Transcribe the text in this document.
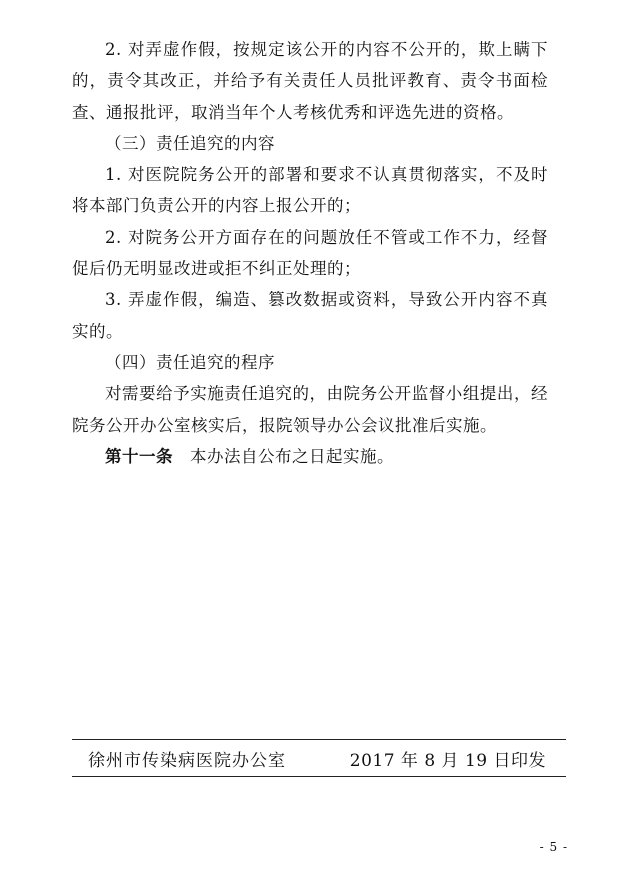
2. 对弄虚作假，按规定该公开的内容不公开的，欺上瞒下的，责令其改正，并给予有关责任人员批评教育、责令书面检查、通报批评，取消当年个人考核优秀和评选先进的资格。

（三）责任追究的内容

1. 对医院院务公开的部署和要求不认真贯彻落实，不及时将本部门负责公开的内容上报公开的；

2. 对院务公开方面存在的问题放任不管或工作不力，经督促后仍无明显改进或拒不纠正处理的；

3. 弄虚作假，编造、篡改数据或资料，导致公开内容不真实的。

（四）责任追究的程序

对需要给予实施责任追究的，由院务公开监督小组提出，经院务公开办公室核实后，报院领导办公会议批准后实施。

第十一条　本办法自公布之日起实施。

徐州市传染病医院办公室	2017 年 8 月 19 日印发
- 5 -
